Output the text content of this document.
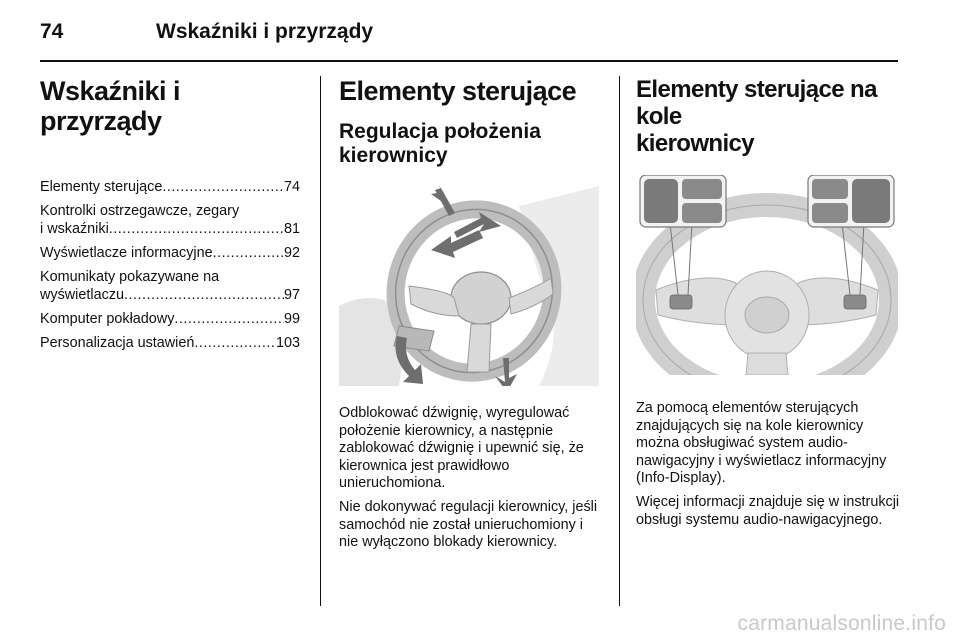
74	Wskaźniki i przyrządy
Wskaźniki i przyrządy
Elementy sterujące .....	74
Kontrolki ostrzegawcze, zegary
i wskaźniki .....	81
Wyświetlacze informacyjne .....	92
Komunikaty pokazywane na
wyświetlaczu .....	97
Komputer pokładowy .....	99
Personalizacja ustawień .....	103
Elementy sterujące
Regulacja położenia
kierownicy

Odblokować dźwignię, wyregulować położenie kierownicy, a następnie zablokować dźwignię i upewnić się, że kierownica jest prawidłowo unieruchomiona.

Nie dokonywać regulacji kierownicy, jeśli samochód nie został unieruchomiony i nie wyłączono blokady kierownicy.

Elementy sterujące na kole
kierownicy

Za pomocą elementów sterujących znajdujących się na kole kierownicy można obsługiwać system audio-nawigacyjny i wyświetlacz informacyjny (Info-Display).

Więcej informacji znajduje się w instrukcji obsługi systemu audio-nawigacyjnego.

carmanualsonline.info
